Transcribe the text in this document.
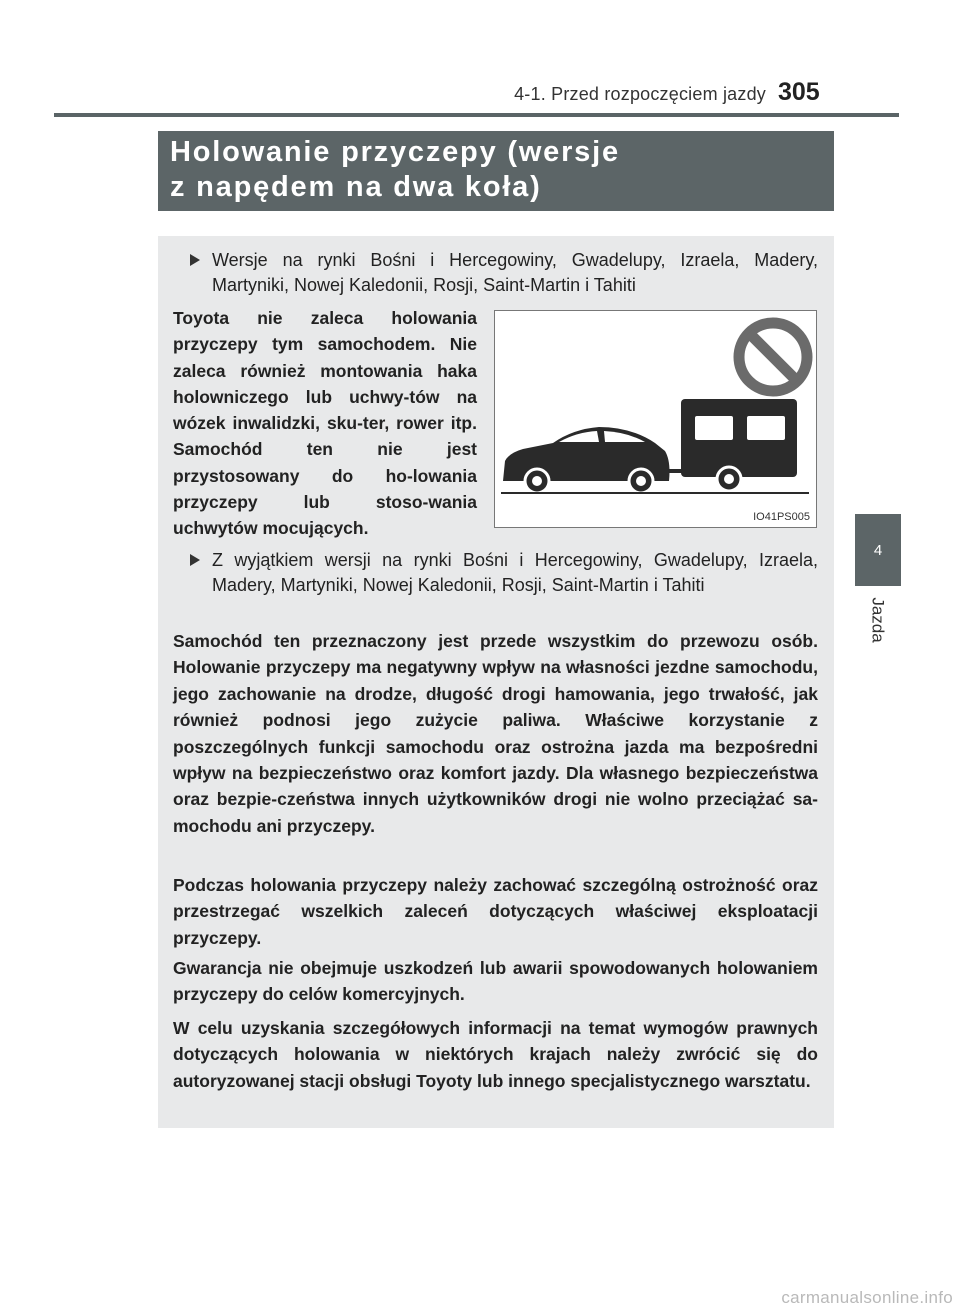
4-1. Przed rozpoczęciem jazdy 305
Holowanie przyczepy (wersje
z napędem na dwa koła)
Wersje na rynki Bośni i Hercegowiny, Gwadelupy, Izraela, Madery, Martyniki, Nowej Kaledonii, Rosji, Saint-Martin i Tahiti

Toyota nie zaleca holowania przyczepy tym samochodem. Nie zaleca również montowania haka holowniczego lub uchwy-tów na wózek inwalidzki, sku-ter, rower itp. Samochód ten nie jest przystosowany do ho-lowania przyczepy lub stoso-wania uchwytów mocujących.

IO41PS005
Z wyjątkiem wersji na rynki Bośni i Hercegowiny, Gwadelupy, Izraela, Madery, Martyniki, Nowej Kaledonii, Rosji, Saint-Martin i Tahiti

Samochód ten przeznaczony jest przede wszystkim do przewozu osób. Holowanie przyczepy ma negatywny wpływ na własności jezdne samochodu, jego zachowanie na drodze, długość drogi hamowania, jego trwałość, jak również podnosi jego zużycie paliwa. Właściwe korzystanie z poszczególnych funkcji samochodu oraz ostrożna jazda ma bezpośredni wpływ na bezpieczeństwo oraz komfort jazdy. Dla własnego bezpieczeństwa oraz bezpie-czeństwa innych użytkowników drogi nie wolno przeciążać sa-mochodu ani przyczepy.

Podczas holowania przyczepy należy zachować szczególną ostrożność oraz przestrzegać wszelkich zaleceń dotyczących właściwej eksploatacji przyczepy.

Gwarancja nie obejmuje uszkodzeń lub awarii spowodowanych holowaniem przyczepy do celów komercyjnych.

W celu uzyskania szczegółowych informacji na temat wymogów prawnych dotyczących holowania w niektórych krajach należy zwrócić się do autoryzowanej stacji obsługi Toyoty lub innego specjalistycznego warsztatu.

4
Jazda
carmanualsonline.info
